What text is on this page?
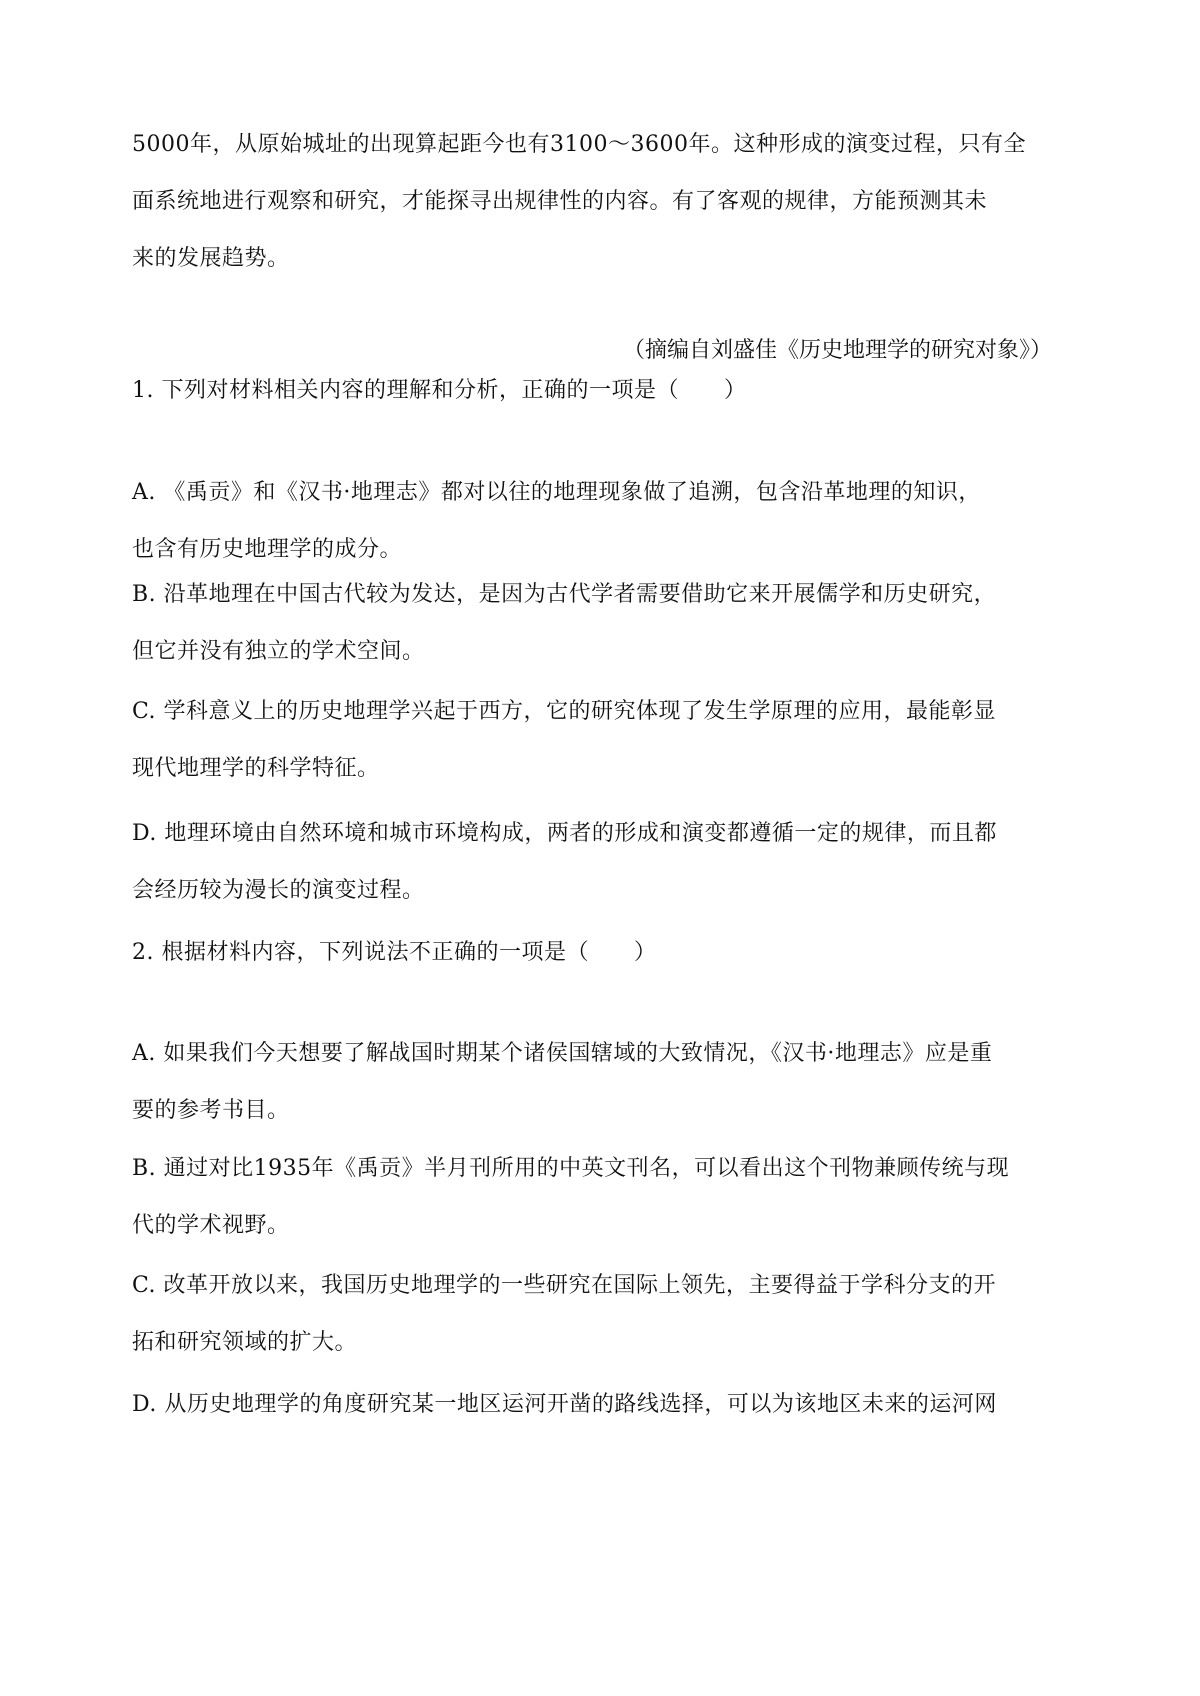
5000年，从原始城址的出现算起距今也有3100～3600年。这种形成的演变过程，只有全
面系统地进行观察和研究，才能探寻出规律性的内容。有了客观的规律，方能预测其未
来的发展趋势。
（摘编自刘盛佳《历史地理学的研究对象》）
1. 下列对材料相关内容的理解和分析，正确的一项是（　　）
A. 《禹贡》和《汉书·地理志》都对以往的地理现象做了追溯，包含沿革地理的知识，
也含有历史地理学的成分。
B. 沿革地理在中国古代较为发达，是因为古代学者需要借助它来开展儒学和历史研究，
但它并没有独立的学术空间。
C. 学科意义上的历史地理学兴起于西方，它的研究体现了发生学原理的应用，最能彰显
现代地理学的科学特征。
D. 地理环境由自然环境和城市环境构成，两者的形成和演变都遵循一定的规律，而且都
会经历较为漫长的演变过程。
2. 根据材料内容，下列说法不正确的一项是（　　）
A. 如果我们今天想要了解战国时期某个诸侯国辖域的大致情况，《汉书·地理志》应是重
要的参考书目。
B. 通过对比1935年《禹贡》半月刊所用的中英文刊名，可以看出这个刊物兼顾传统与现
代的学术视野。
C. 改革开放以来，我国历史地理学的一些研究在国际上领先，主要得益于学科分支的开
拓和研究领域的扩大。
D. 从历史地理学的角度研究某一地区运河开凿的路线选择，可以为该地区未来的运河网
